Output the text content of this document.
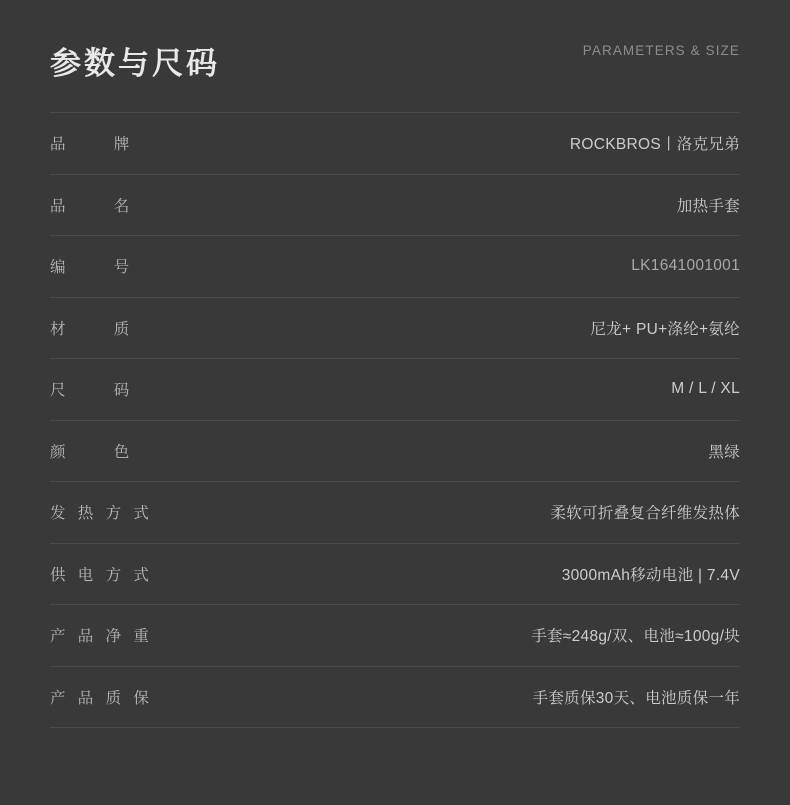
参数与尺码	PARAMETERS & SIZE
品 牌	ROCKBROS丨洛克兄弟
品 名	加热手套
编 号	LK1641001001
材 质	尼龙+ PU+涤纶+氨纶
尺 码	M / L / XL
颜 色	黑绿
发 热 方 式	柔软可折叠复合纤维发热体
供 电 方 式	3000mAh移动电池 | 7.4V
产 品 净 重	手套≈248g/双、电池≈100g/块
产 品 质 保	手套质保30天、电池质保一年
